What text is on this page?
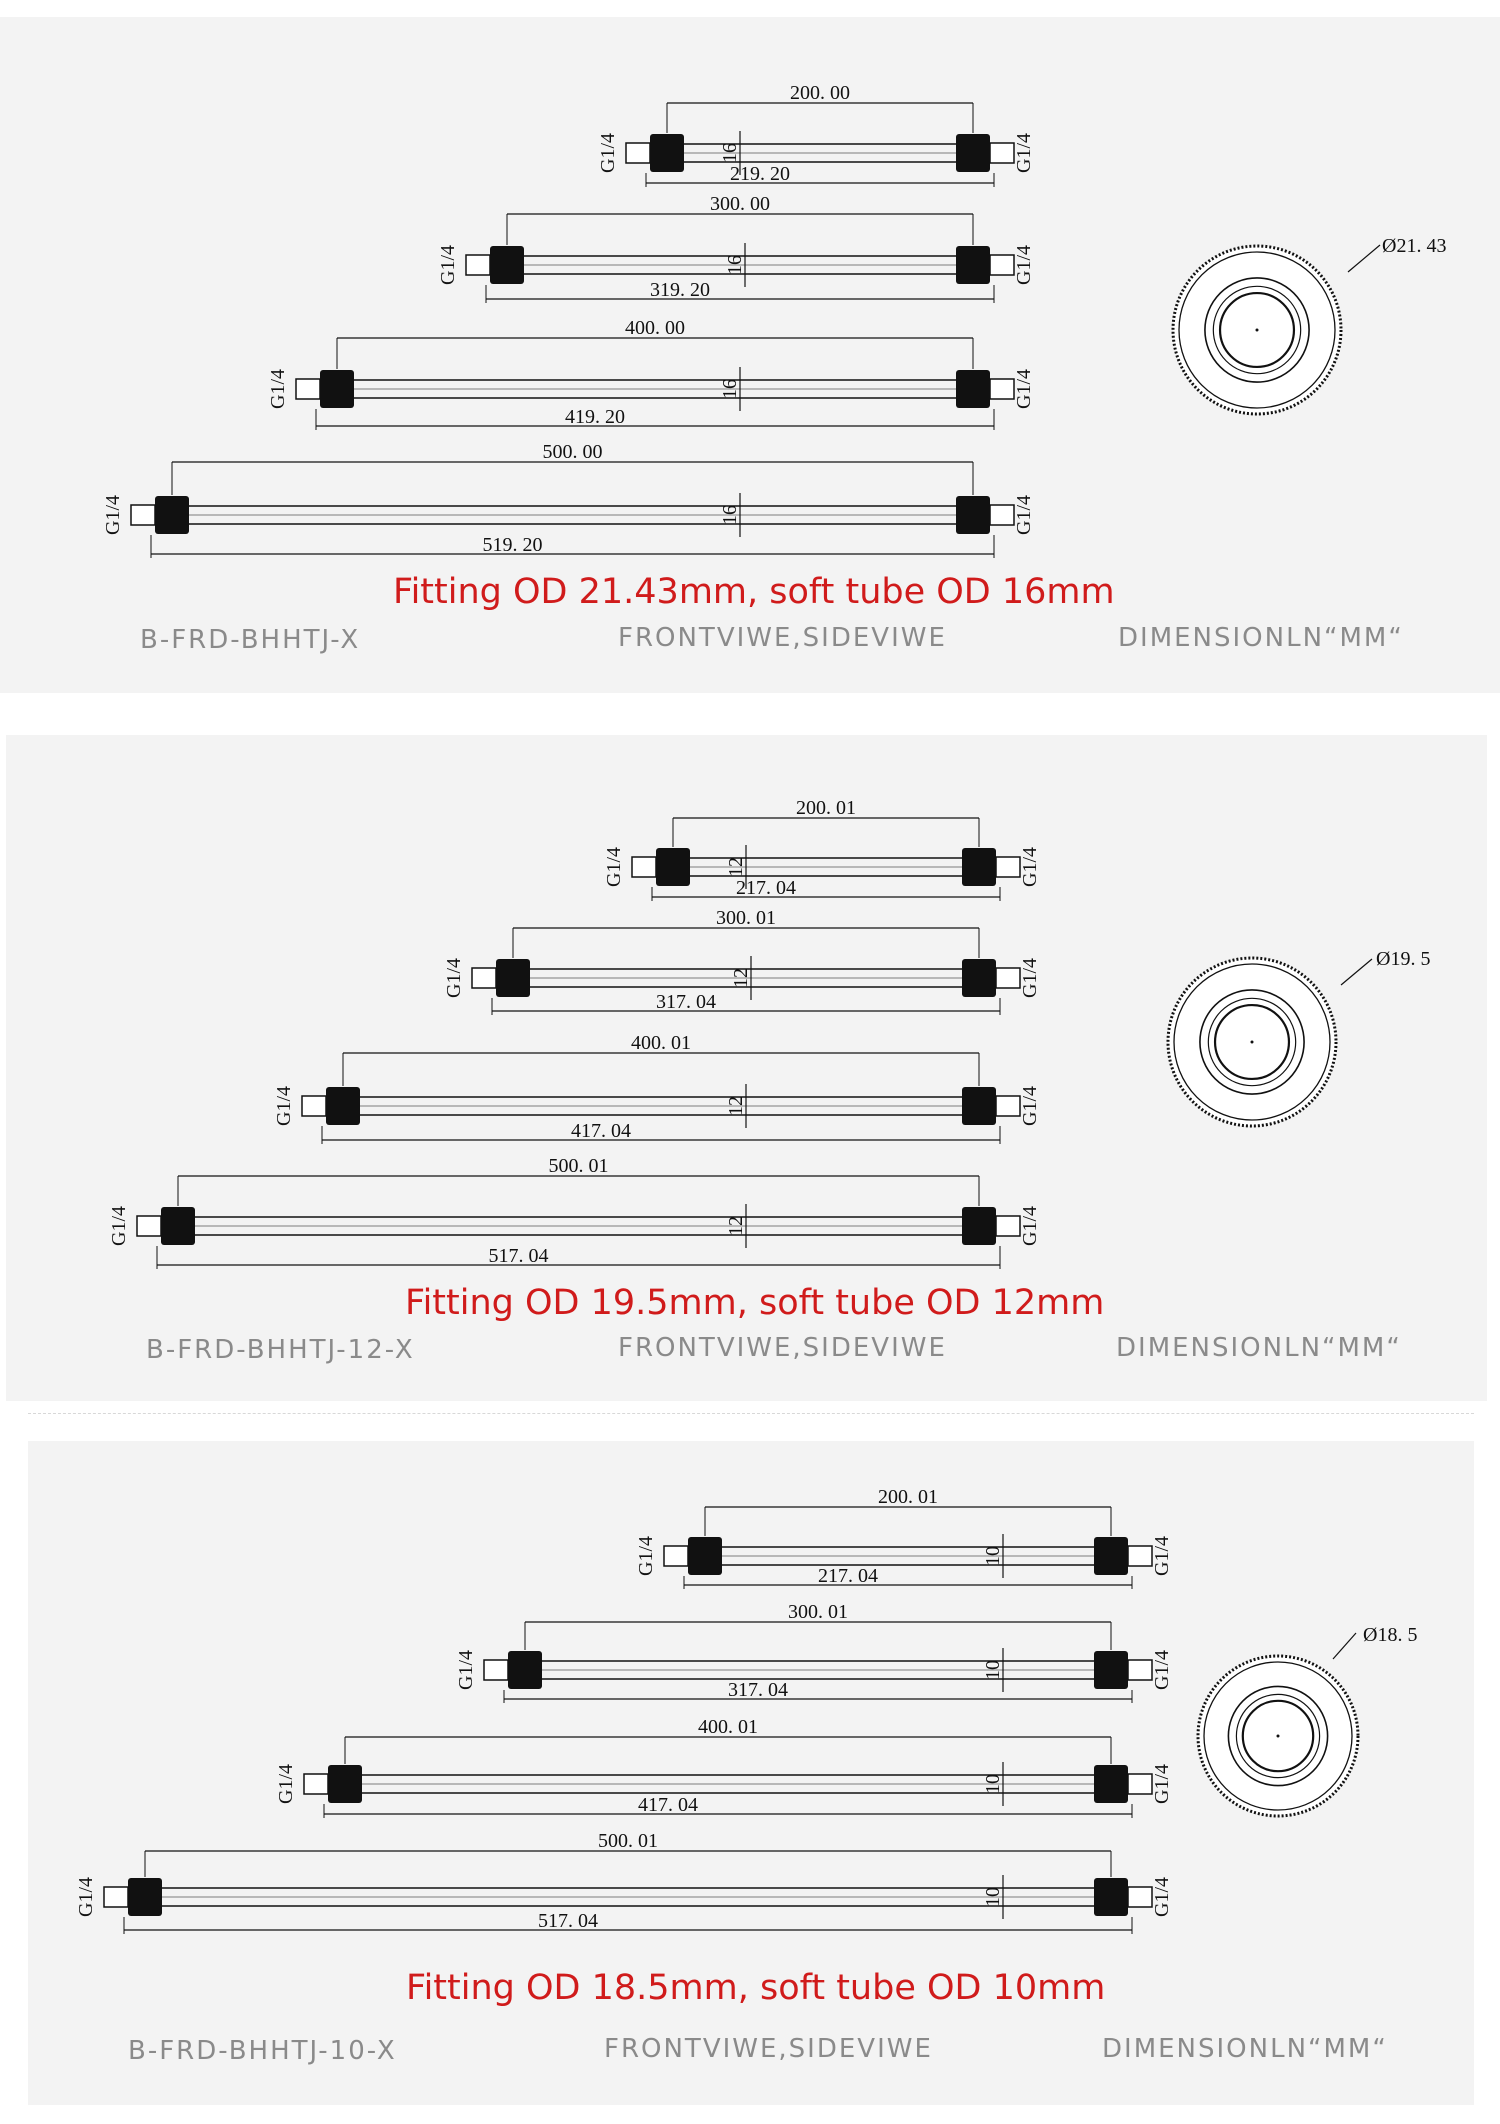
200. 00
219. 20
16
G1/4	G1/4
300. 00
319. 20
16
G1/4	G1/4
400. 00
419. 20
16
G1/4	G1/4
500. 00
519. 20
16
G1/4	G1/4
Ø21. 43
Fitting OD 21.43mm, soft tube OD 16mm
B-FRD-BHHTJ-X	FRONTVIWE,SIDEVIWE	DIMENSIONLN“MM“
200. 01
217. 04
12
G1/4	G1/4
300. 01
317. 04
12
G1/4	G1/4
400. 01
417. 04
12
G1/4	G1/4
500. 01
517. 04
12
G1/4	G1/4
Ø19. 5
Fitting OD 19.5mm, soft tube OD 12mm
B-FRD-BHHTJ-12-X	FRONTVIWE,SIDEVIWE	DIMENSIONLN“MM“
200. 01
217. 04
10
G1/4	G1/4
300. 01
317. 04
10
G1/4	G1/4
400. 01
417. 04
10
G1/4	G1/4
500. 01
517. 04
10
G1/4	G1/4
Ø18. 5
Fitting OD 18.5mm, soft tube OD 10mm
B-FRD-BHHTJ-10-X	FRONTVIWE,SIDEVIWE	DIMENSIONLN“MM“
